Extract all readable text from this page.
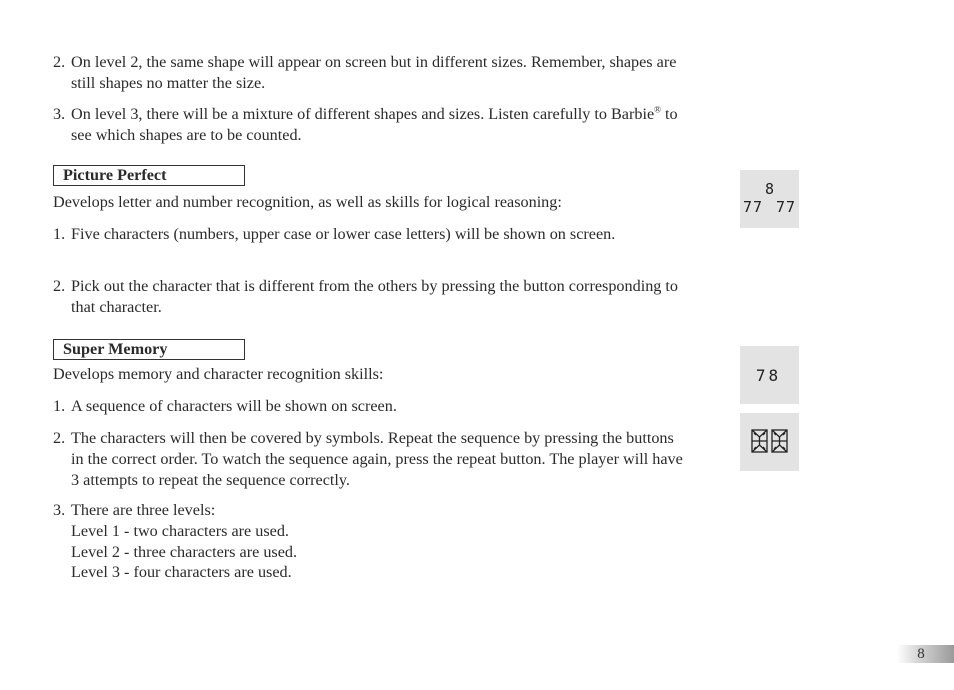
2. On level 2, the same shape will appear on screen but in different sizes. Remember, shapes are still shapes no matter the size.
3. On level 3, there will be a mixture of different shapes and sizes. Listen carefully to Barbie® to see which shapes are to be counted.
Picture Perfect
Develops letter and number recognition, as well as skills for logical reasoning:
1. Five characters (numbers, upper case or lower case letters) will be shown on screen.
2. Pick out the character that is different from the others by pressing the button corresponding to that character.
8
77 77
Super Memory
Develops memory and character recognition skills:
1. A sequence of characters will be shown on screen.
2. The characters will then be covered by symbols. Repeat the sequence by pressing the buttons in the correct order. To watch the sequence again, press the repeat button. The player will have 3 attempts to repeat the sequence correctly.
3. There are three levels:
Level 1 - two characters are used.
Level 2 - three characters are used.
Level 3 - four characters are used.
78
8
